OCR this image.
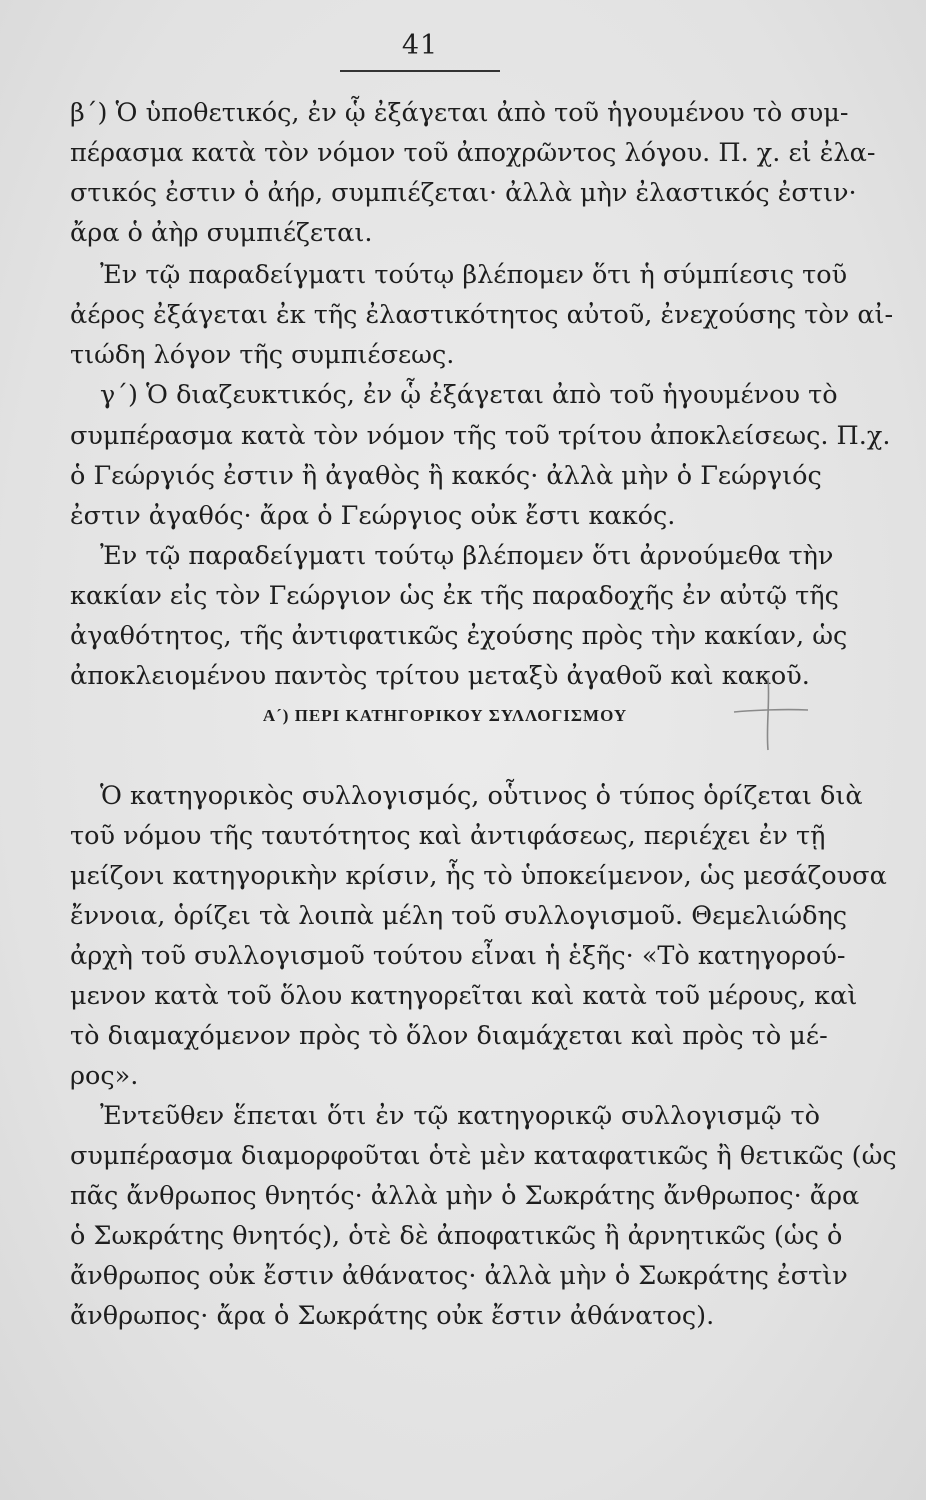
41
β´) Ὁ ὑποθετικός, ἐν ᾧ ἐξάγεται ἀπὸ τοῦ ἡγουμένου τὸ συμ-
πέρασμα κατὰ τὸν νόμον τοῦ ἀποχρῶντος λόγου. Π. χ. εἰ ἐλα-
στικός ἐστιν ὁ ἀήρ, συμπιέζεται· ἀλλὰ μὴν ἐλαστικός ἐστιν·
ἄρα ὁ ἀὴρ συμπιέζεται.
Ἐν τῷ παραδείγματι τούτῳ βλέπομεν ὅτι ἡ σύμπίεσις τοῦ
ἀέρος ἐξάγεται ἐκ τῆς ἐλαστικότητος αὐτοῦ, ἐνεχούσης τὸν αἰ-
τιώδη λόγον τῆς συμπιέσεως.
γ´) Ὁ διαζευκτικός, ἐν ᾧ ἐξάγεται ἀπὸ τοῦ ἡγουμένου τὸ
συμπέρασμα κατὰ τὸν νόμον τῆς τοῦ τρίτου ἀποκλείσεως. Π.χ.
ὁ Γεώργιός ἐστιν ἢ ἀγαθὸς ἢ κακός· ἀλλὰ μὴν ὁ Γεώργιός
ἐστιν ἀγαθός· ἄρα ὁ Γεώργιος οὐκ ἔστι κακός.
Ἐν τῷ παραδείγματι τούτῳ βλέπομεν ὅτι ἀρνούμεθα τὴν
κακίαν εἰς τὸν Γεώργιον ὡς ἐκ τῆς παραδοχῆς ἐν αὐτῷ τῆς
ἀγαθότητος, τῆς ἀντιφατικῶς ἐχούσης πρὸς τὴν κακίαν, ὡς
ἀποκλειομένου παντὸς τρίτου μεταξὺ ἀγαθοῦ καὶ κακοῦ.
Α´) ΠΕΡΙ ΚΑΤΗΓΟΡΙΚΟΥ ΣΥΛΛΟΓΙΣΜΟΥ
Ὁ κατηγορικὸς συλλογισμός, οὗτινος ὁ τύπος ὁρίζεται διὰ
τοῦ νόμου τῆς ταυτότητος καὶ ἀντιφάσεως, περιέχει ἐν τῇ
μείζονι κατηγορικὴν κρίσιν, ἧς τὸ ὑποκείμενον, ὡς μεσάζουσα
ἔννοια, ὁρίζει τὰ λοιπὰ μέλη τοῦ συλλογισμοῦ. Θεμελιώδης
ἀρχὴ τοῦ συλλογισμοῦ τούτου εἶναι ἡ ἑξῆς· «Τὸ κατηγορού-
μενον κατὰ τοῦ ὅλου κατηγορεῖται καὶ κατὰ τοῦ μέρους, καὶ
τὸ διαμαχόμενον πρὸς τὸ ὅλον διαμάχεται καὶ πρὸς τὸ μέ-
ρος».
Ἐντεῦθεν ἕπεται ὅτι ἐν τῷ κατηγορικῷ συλλογισμῷ τὸ
συμπέρασμα διαμορφοῦται ὁτὲ μὲν καταφατικῶς ἢ θετικῶς (ὡς
πᾶς ἄνθρωπος θνητός· ἀλλὰ μὴν ὁ Σωκράτης ἄνθρωπος· ἄρα
ὁ Σωκράτης θνητός), ὁτὲ δὲ ἀποφατικῶς ἢ ἀρνητικῶς (ὡς ὁ
ἄνθρωπος οὐκ ἔστιν ἀθάνατος· ἀλλὰ μὴν ὁ Σωκράτης ἐστὶν
ἄνθρωπος· ἄρα ὁ Σωκράτης οὐκ ἔστιν ἀθάνατος).
